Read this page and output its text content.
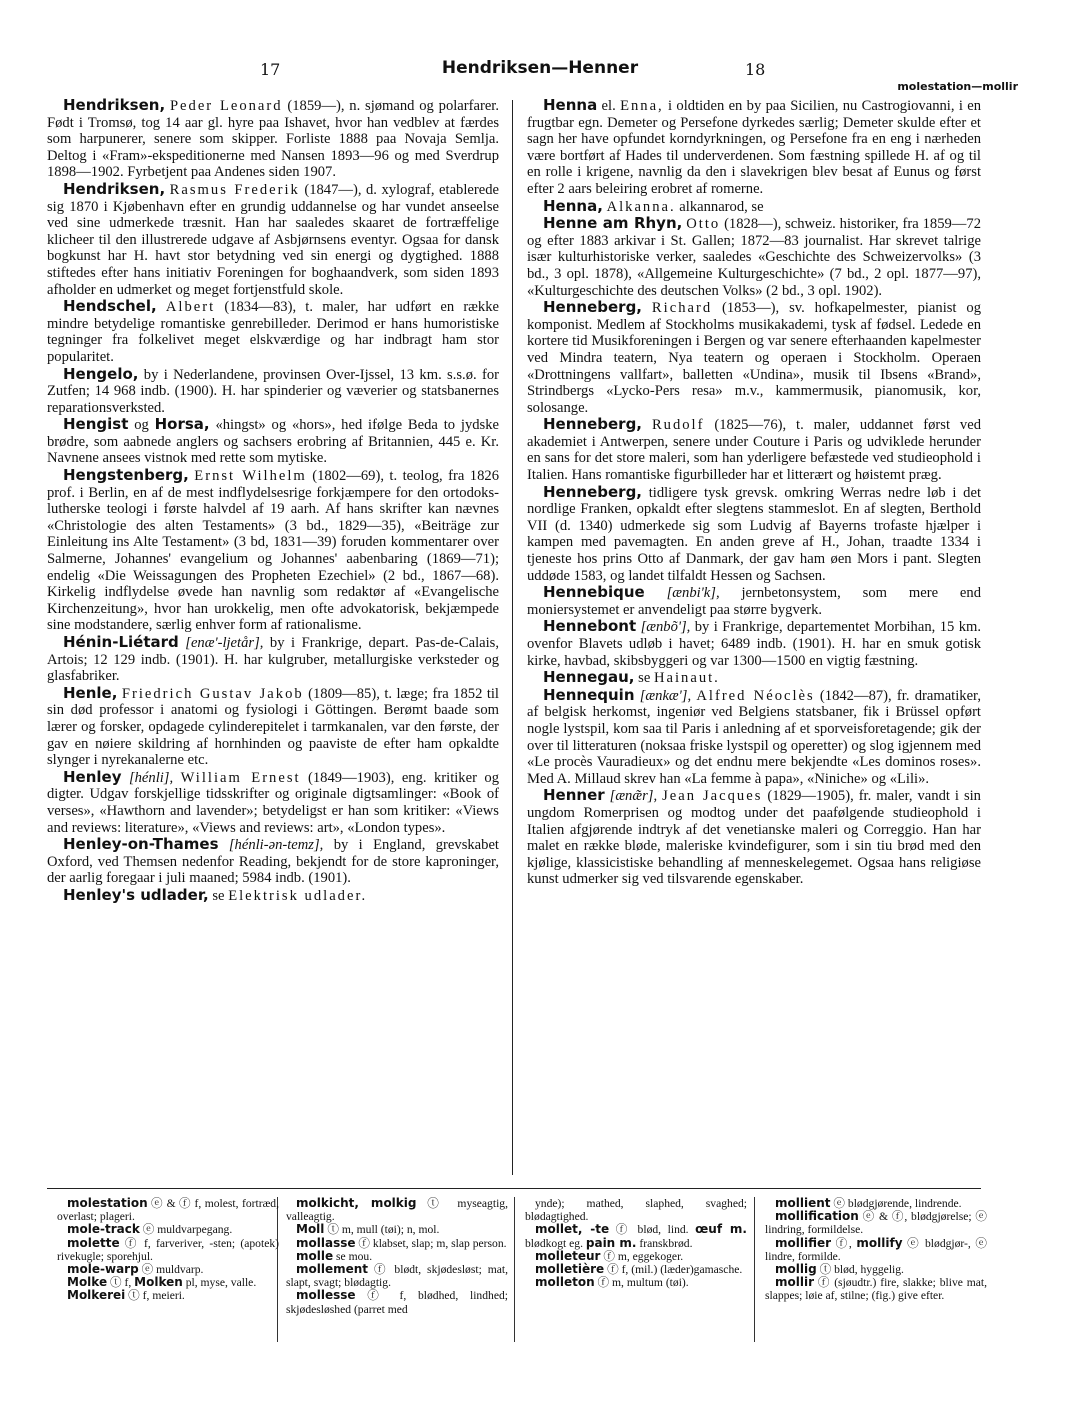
17	Hendriksen—Henner	18
molestation—mollir

Hendriksen, Peder Leonard (1859—), n. sjømand og polarfarer. Født i Tromsø, tog 14 aar gl. hyre paa Ishavet, hvor han vedblev at færdes som harpunerer, senere som skipper. Forliste 1888 paa Novaja Semlja. Deltog i «Fram»-ekspeditionerne med Nansen 1893—96 og med Sverdrup 1898—1902. Fyrbetjent paa Andenes siden 1907.

Hendriksen, Rasmus Frederik (1847—), d. xylograf, etablerede sig 1870 i Kjøbenhavn efter en grundig uddannelse og har vundet anseelse ved sine udmerkede træsnit. Han har saaledes skaaret de fortræffelige klicheer til den illustrerede udgave af Asbjørnsens eventyr. Ogsaa for dansk bogkunst har H. havt stor betydning ved sin energi og dygtighed. 1888 stiftedes efter hans initiativ Foreningen for boghaandverk, som siden 1893 afholder en udmerket og meget fortjenstfuld skole.

Hendschel, Albert (1834—83), t. maler, har udført en række mindre betydelige romantiske genrebilleder. Derimod er hans humoristiske tegninger fra folkelivet meget elskværdige og har indbragt ham stor popularitet.

Hengelo, by i Nederlandene, provinsen Over-Ijssel, 13 km. s.s.ø. for Zutfen; 14 968 indb. (1900). H. har spinderier og væverier og statsbanernes reparationsverksted.

Hengist og Horsa, «hingst» og «hors», hed ifølge Beda to jydske brødre, som aabnede anglers og sachsers erobring af Britannien, 445 e. Kr. Navnene ansees vistnok med rette som mytiske.

Hengstenberg, Ernst Wilhelm (1802—69), t. teolog, fra 1826 prof. i Berlin, en af de mest indflydelsesrige forkjæmpere for den ortodoks-lutherske teologi i første halvdel af 19 aarh. Af hans skrifter kan nævnes «Christologie des alten Testaments» (3 bd., 1829—35), «Beiträge zur Einleitung ins Alte Testament» (3 bd, 1831—39) foruden kommentarer over Salmerne, Johannes' evangelium og Johannes' aabenbaring (1869—71); endelig «Die Weissagungen des Propheten Ezechiel» (2 bd., 1867—68). Kirkelig indflydelse øvede han navnlig som redaktør af «Evangelische Kirchenzeitung», hvor han urokkelig, men ofte advokatorisk, bekjæmpede sine modstandere, særlig enhver form af rationalisme.

Hénin-Liétard [enæ'-ljetår], by i Frankrige, depart. Pas-de-Calais, Artois; 12 129 indb. (1901). H. har kulgruber, metallurgiske verksteder og glasfabriker.

Henle, Friedrich Gustav Jakob (1809—85), t. læge; fra 1852 til sin død professor i anatomi og fysiologi i Göttingen. Berømt baade som lærer og forsker, opdagede cylinderepitelet i tarmkanalen, var den første, der gav en nøiere skildring af hornhinden og paaviste de efter ham opkaldte slynger i nyrekanalerne etc.

Henley [hénli], William Ernest (1849—1903), eng. kritiker og digter. Udgav forskjellige tidsskrifter og originale digtsamlinger: «Book of verses», «Hawthorn and lavender»; betydeligst er han som kritiker: «Views and reviews: literature», «Views and reviews: art», «London types».

Henley-on-Thames [hénli-ən-temz], by i England, grevskabet Oxford, ved Themsen nedenfor Reading, bekjendt for de store kaproninger, der aarlig foregaar i juli maaned; 5984 indb. (1901).

Henley's udlader, se Elektrisk udlader.

Henna el. Enna, i oldtiden en by paa Sicilien, nu Castrogiovanni, i en frugtbar egn. Demeter og Persefone dyrkedes særlig; Demeter skulde efter et sagn her have opfundet korndyrkningen, og Persefone fra en eng i nærheden være bortført af Hades til underverdenen. Som fæstning spillede H. af og til en rolle i krigene, navnlig da den i slavekrigen blev besat af Eunus og først efter 2 aars beleiring erobret af romerne.

Henna, Alkanna. alkannarod, se

Henne am Rhyn, Otto (1828—), schweiz. historiker, fra 1859—72 og efter 1883 arkivar i St. Gallen; 1872—83 journalist. Har skrevet talrige især kulturhistoriske verker, saaledes «Geschichte des Schweizervolks» (3 bd., 3 opl. 1878), «Allgemeine Kulturgeschichte» (7 bd., 2 opl. 1877—97), «Kulturgeschichte des deutschen Volks» (2 bd., 3 opl. 1902).

Henneberg, Richard (1853—), sv. hofkapelmester, pianist og komponist. Medlem af Stockholms musikakademi, tysk af fødsel. Ledede en kortere tid Musikforeningen i Bergen og var senere efterhaanden kapelmester ved Mindra teatern, Nya teatern og operaen i Stockholm. Operaen «Drottningens vallfart», balletten «Undina», musik til Ibsens «Brand», Strindbergs «Lycko-Pers resa» m.v., kammermusik, pianomusik, kor, solosange.

Henneberg, Rudolf (1825—76), t. maler, uddannet først ved akademiet i Antwerpen, senere under Couture i Paris og udviklede herunder en sans for det store maleri, som han yderligere befæstede ved studieophold i Italien. Hans romantiske figurbilleder har et litterært og høistemt præg.

Henneberg, tidligere tysk grevsk. omkring Werras nedre løb i det nordlige Franken, opkaldt efter slegtens stammeslot. En af slegten, Berthold VII (d. 1340) udmerkede sig som Ludvig af Bayerns trofaste hjælper i kampen med pavemagten. En anden greve af H., Johan, traadte 1334 i tjeneste hos prins Otto af Danmark, der gav ham øen Mors i pant. Slegten uddøde 1583, og landet tilfaldt Hessen og Sachsen.

Hennebique [ænbi'k], jernbetonsystem, som mere end moniersystemet er anvendeligt paa større bygverk.

Hennebont [ænbõ'], by i Frankrige, departementet Morbihan, 15 km. ovenfor Blavets udløb i havet; 6489 indb. (1901). H. har en smuk gotisk kirke, havbad, skibsbyggeri og var 1300—1500 en vigtig fæstning.

Hennegau, se Hainaut.

Hennequin [ænkæ'], Alfred Néoclès (1842—87), fr. dramatiker, af belgisk herkomst, ingeniør ved Belgiens statsbaner, fik i Brüssel opført nogle lystspil, kom saa til Paris i anledning af et sporveisforetagende; gik der over til litteraturen (noksaa friske lystspil og operetter) og slog igjennem med «Le procès Vauradieux» og det endnu mere bekjendte «Les dominos roses». Med A. Millaud skrev han «La femme à papa», «Niniche» og «Lili».

Henner [ænæ̃r], Jean Jacques (1829—1905), fr. maler, vandt i sin ungdom Romerprisen og modtog under det paafølgende studieophold i Italien afgjørende indtryk af det venetianske maleri og Correggio. Han har malet en række bløde, maleriske kvindefigurer, som i sin tiu brød med den kjølige, klassicistiske behandling af menneskelegemet. Ogsaa hans religiøse kunst udmerker sig ved tilsvarende egenskaber.

molestation ⓔ & ⓕ f, molest, fortræd, overlast; plageri.

mole-track ⓔ muldvarpegang.

molette ⓕ f, farveriver, -sten; (apotek) rivekugle; sporehjul.

mole-warp ⓔ muldvarp.

Molke ⓣ f, Molken pl, myse, valle.

Molkerei ⓣ f, meieri.

molkicht, molkig ⓣ myseagtig, valleagtig.

Moll ⓣ m, mull (tøi); n, mol.

mollasse ⓕ klabset, slap; m, slap person.

molle se mou.

mollement ⓕ blødt, skjødesløst; mat, slapt, svagt; blødagtig.

mollesse ⓕ f, blødhed, lindhed; skjødesløshed (parret med

ynde); mathed, slaphed, svaghed; blødagtighed.

mollet, -te ⓕ blød, lind. œuf m. blødkogt eg. pain m. franskbrød.

molleteur ⓕ m, eggekoger.

molletière ⓕ f, (mil.) (læder)gamasche.

molleton ⓕ m, multum (tøi).

mollient ⓔ blødgjørende, lindrende.

mollification ⓔ & ⓕ, blødgjørelse; ⓔ lindring, formildelse.

mollifier ⓕ, mollify ⓔ blødgjør-, ⓔ lindre, formilde.

mollig ⓣ blød, hyggelig.

mollir ⓕ (sjøudtr.) fire, slakke; blive mat, slappes; løie af, stilne; (fig.) give efter.
